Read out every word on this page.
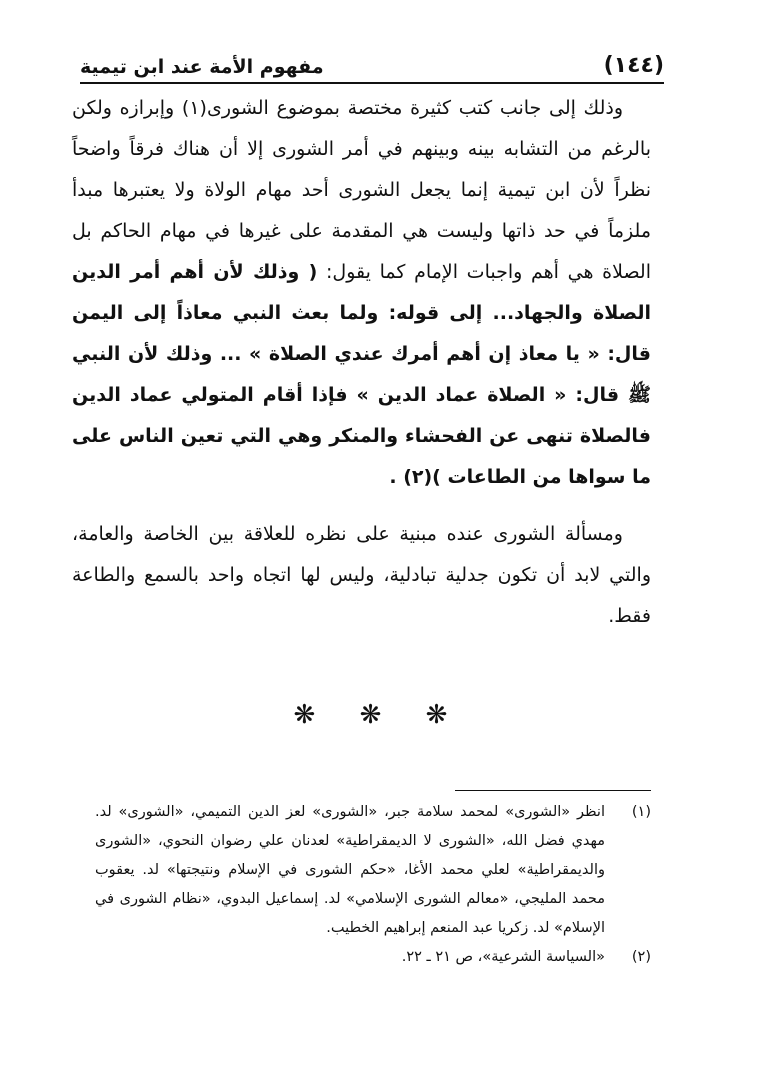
(١٤٤)
مفهوم الأمة عند ابن تيمية

وذلك إلى جانب كتب كثيرة مختصة بموضوع الشورى(١) وإبرازه ولكن بالرغم من التشابه بينه وبينهم في أمر الشورى إلا أن هناك فرقاً واضحاً نظراً لأن ابن تيمية إنما يجعل الشورى أحد مهام الولاة ولا يعتبرها مبدأ ملزماً في حد ذاتها وليست هي المقدمة على غيرها في مهام الحاكم بل الصلاة هي أهم واجبات الإمام كما يقول: ( وذلك لأن أهم أمر الدين الصلاة والجهاد... إلى قوله: ولما بعث النبي معاذاً إلى اليمن قال: « يا معاذ إن أهم أمرك عندي الصلاة » ... وذلك لأن النبي ﷺ قال: « الصلاة عماد الدين » فإذا أقام المتولي عماد الدين فالصلاة تنهى عن الفحشاء والمنكر وهي التي تعين الناس على ما سواها من الطاعات )(٢) .

ومسألة الشورى عنده مبنية على نظره للعلاقة بين الخاصة والعامة، والتي لابد أن تكون جدلية تبادلية، وليس لها اتجاه واحد بالسمع والطاعة فقط.

❋ ❋ ❋
(١)
انظر «الشورى» لمحمد سلامة جبر، «الشورى» لعز الدين التميمي، «الشورى» لد. مهدي فضل الله، «الشورى لا الديمقراطية» لعدنان علي رضوان النحوي، «الشورى والديمقراطية» لعلي محمد الأغا، «حكم الشورى في الإسلام ونتيجتها» لد. يعقوب محمد المليجي، «معالم الشورى الإسلامي» لد. إسماعيل البدوي، «نظام الشورى في الإسلام» لد. زكريا عبد المنعم إبراهيم الخطيب.
(٢)
«السياسة الشرعية»، ص ٢١ ـ ٢٢.
